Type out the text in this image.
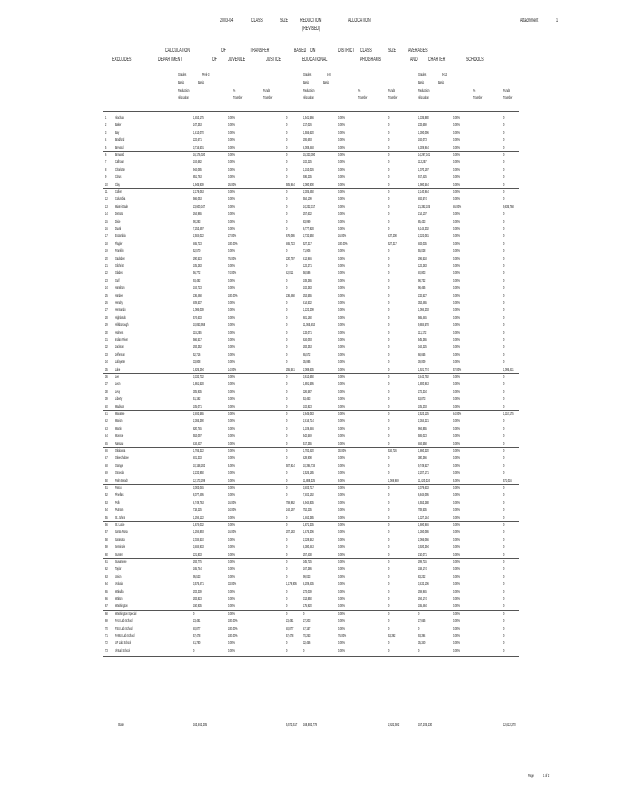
2003-04	CLASS	SIZE REDUCTION	ALLOCATION
(REVISED)
Attachment	1
CALCULATION	OF	TRANSFER	BASED ON	DISTRICT CLASS	SIZE AVERAGES
EXCLUDES	DEPARTMENT	OF JUVENILE	JUSTICE	EDUCATIONAL	PROGRAMS	AND CHARTER	SCHOOLS
Grades	Prek-3
Basic	Basic
Reduction	%	Funds
Allocation	Transfer	Transfer
Grades	4-8
Basic	Basic
Reduction	%	Funds
Allocation	Transfer	Transfer
Grades	9-12
Basic	Basic
Reduction	%	Funds
Allocation	Transfer	Transfer
1 Alachua	1,453,175	0.00%	0	1,541,566	0.00%	0	1,335,880	0.00%	0
2 Baker	247,353	0.00%	0	217,026	0.00%	0	233,659	0.00%	0
3 Bay	1,413,070	0.00%	0	1,555,620	0.00%	0	1,390,096	0.00%	0
4 Bradford	222,671	0.00%	0	206,693	0.00%	0	192,073	0.00%	0
5 Brevard	3,716,501	0.00%	0	4,008,448	0.00%	0	4,309,944	0.00%	0
6 Broward	16,176,020	0.00%	0	15,323,390	0.00%	0	14,297,341	0.00%	0
7 Calhoun	104,682	0.00%	0	102,225	0.00%	0	113,257	0.00%	0
8 Charlotte	944,085	0.00%	0	1,153,026	0.00%	0	1,070,197	0.00%	0
9 Citrus	851,763	0.00%	0	936,235	0.00%	0	917,425	0.00%	0
10 Clay	1,945,939	26.00%	505,944 2,080,900	0.00%	0	1,980,544	0.00%	0
11 Collier	2,178,063	0.00%	0	2,305,450	0.00%	0	2,140,944	0.00%	0
12 Columbia	566,053	0.00%	0	554,109	0.00%	0	492,574	0.00%	0
13 Miami-Dade	23,600,347	0.00%	0	24,232,317	0.00%	0	21,382,105	46.00%	9,835,768
14 DeSoto	264,965	0.00%	0	257,632	0.00%	0	214,107	0.00%	0
15 Dixie	90,283	0.00%	0	83,999	0.00%	0	85,433	0.00%	0
16 Duval	7,253,497	0.00%	0	6,777,928	0.00%	0	6,144,302	0.00%	0
17 Escambia	2,504,022	27.00%	676,086 2,732,550	16.00%	437,208	2,322,081	0.00%	0
18 Flagler	465,723	100.00%	465,723 527,317	100.00%	527,317	483,035	0.00%	0
19 Franklin	52,570	0.00%	0	71,906	0.00%	0	55,028	0.00%	0
20 Gadsden	290,523	76.00%	220,797 412,946	0.00%	0	296,518	0.00%	0
21 Gilchrist	105,283	0.00%	0	122,271	0.00%	0	122,283	0.00%	0
22 Glades	56,772	74.00%	42,011 58,586	0.00%	0	40,803	0.00%	0
23 Gulf	93,482	0.00%	0	108,365	0.00%	0	98,732	0.00%	0
24 Hamilton	104,723	0.00%	0	102,383	0.00%	0	98,465	0.00%	0
25 Hardee	236,468	100.00%	236,468 253,555	0.00%	0	232,527	0.00%	0
26 Hendry	409,537	0.00%	0	414,532	0.00%	0	353,465	0.00%	0
27 Hernando	1,086,039	0.00%	0	1,222,209	0.00%	0	1,094,203	0.00%	0
28 Highlands	574,633	0.00%	0	601,160	0.00%	0	565,445	0.00%	0
29 Hillsborough	10,853,958	0.00%	0	11,065,453	0.00%	0	9,884,578	0.00%	0
30 Holmes	115,255	0.00%	0	133,071	0.00%	0	111,172	0.00%	0
31 Indian River	566,517	0.00%	0	634,093	0.00%	0	545,365	0.00%	0
32 Jackson	293,352	0.00%	0	283,353	0.00%	0	344,225	0.00%	0
33 Jefferson	52,716	0.00%	0	65,572	0.00%	0	68,655	0.00%	0
34 Lafayette	33,808	0.00%	0	35,985	0.00%	0	39,009	0.00%	0
35 Lake	1,825,294	14.00%	255,541 2,088,635	0.00%	0	1,921,774	57.00%	1,095,411
36 Lee	3,332,732	0.00%	0	3,612,650	0.00%	0	3,442,792	0.00%	0
37 Leon	1,861,528	0.00%	0	1,891,595	0.00%	0	1,800,943	0.00%	0
38 Levy	305,935	0.00%	0	326,587	0.00%	0	272,334	0.00%	0
39 Liberty	51,192	0.00%	0	53,463	0.00%	0	53,873	0.00%	0
40 Madison	105,071	0.00%	0	102,823	0.00%	0	105,203	0.00%	0
41 Manatee	2,492,565	0.00%	0	2,645,083	0.00%	0	2,523,125	44.00%	1,110,175
42 Marion	2,365,390	0.00%	0	2,416,714	0.00%	0	2,364,221	0.00%	0
43 Martin	820,745	0.00%	0	1,109,446	0.00%	0	994,855	0.00%	0
44 Monroe	553,097	0.00%	0	542,549	0.00%	0	506,023	0.00%	0
45 Nassau	434,437	0.00%	0	517,355	0.00%	0	484,558	0.00%	0
46 Okaloosa	1,765,322	0.00%	0	1,782,420	30.00%	534,726	1,860,320	0.00%	0
47 Okeechobee	401,333	0.00%	0	428,908	0.00%	0	380,366	0.00%	0
48 Orange	10,158,282	5.00%	507,914 10,394,734	0.00%	0	9,749,527	0.00%	0
49 Osceola	2,232,950	0.00%	0	2,525,185	0.00%	0	2,207,171	0.00%	0
50 Palm Beach	12,173,299	0.00%	0	11,888,325	9.00%	1,069,949	11,420,324	5.00%	571,016
51 Pasco	3,003,045	0.00%	0	3,403,717	0.00%	0	3,079,633	0.00%	0
52 Pinellas	8,077,495	0.00%	0	7,402,192	0.00%	0	6,844,095	0.00%	0
53 Polk	4,749,763	16.00%	759,962 4,944,835	0.00%	0	4,553,288	0.00%	0
54 Putnam	718,225	34.00%	244,197 752,235	0.00%	0	708,535	0.00%	0
55 St. Johns	1,294,122	0.00%	0	1,462,385	0.00%	0	1,327,144	0.00%	0
56 St. Lucie	1,674,032	0.00%	0	1,871,335	0.00%	0	1,690,946	0.00%	0
57 Santa Rosa	1,294,893	16.00%	207,183 1,475,306	0.00%	0	1,360,086	0.00%	0
58 Sarasota	2,034,510	0.00%	0	2,328,542	0.00%	0	2,066,066	0.00%	0
59 Seminole	3,484,933	0.00%	0	4,380,443	0.00%	0	3,920,394	0.00%	0
60 Sumter	221,833	0.00%	0	257,438	0.00%	0	210,071	0.00%	0
61 Suwannee	293,775	0.00%	0	345,725	0.00%	0	299,715	0.00%	0
62 Taylor	165,744	0.00%	0	167,386	0.00%	0	158,174	0.00%	0
63 Union	95,523	0.00%	0	99,023	0.00%	0	83,232	0.00%	0
64 Volusia	3,575,471	33.00%	1,179,905 4,209,435	0.00%	0	3,432,106	0.00%	0
65 Wakulla	203,339	0.00%	0	273,039	0.00%	0	259,945	0.00%	0
66 Walton	283,823	0.00%	0	313,850	0.00%	0	294,174	0.00%	0
67 Washington	150,935	0.00%	0	175,920	0.00%	0	155,484	0.00%	0
68 Washington Special	0	0.00%	0	0	0.00%	0	0	0.00%	0
69 FAU Lab School	23,481	100.00%	23,481 27,203	0.00%	0	27,655	0.00%	0
70 FSU Lab School	40,877	100.00%	40,877 47,157	0.00%	0	0	0.00%	0
71 FAMU Lab School	57,478	100.00%	57,478 70,253	76.00%	53,392	93,394	0.00%	0
72 UF Lab School	41,780	0.00%	0	32,456	0.00%	0	35,340	0.00%	0
73 Virtual School	0	0.00%	0	0	0.00%	0	0	0.00%	0
State	163,462,305	5,573,517 168,882,778	2,622,592	157,205,230	12,612,370
Page 1 of 2
